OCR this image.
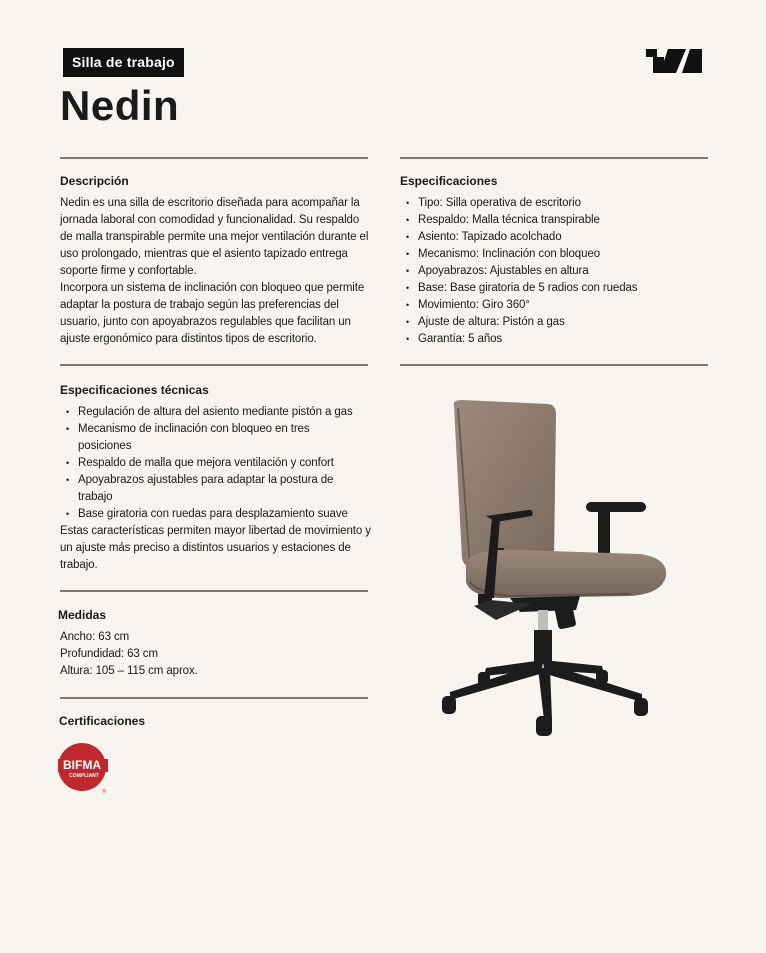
Silla de trabajo
Nedin
Descripción

Nedin es una silla de escritorio diseñada para acompañar la jornada laboral con comodidad y funcionalidad. Su respaldo de malla transpirable permite una mejor ventilación durante el uso prolongado, mientras que el asiento tapizado entrega soporte firme y confortable.

Incorpora un sistema de inclinación con bloqueo que permite adaptar la postura de trabajo según las preferencias del usuario, junto con apoyabrazos regulables que facilitan un ajuste ergonómico para distintos tipos de escritorio.

Especificaciones
• Tipo: Silla operativa de escritorio
• Respaldo: Malla técnica transpirable
• Asiento: Tapizado acolchado
• Mecanismo: Inclinación con bloqueo
• Apoyabrazos: Ajustables en altura
• Base: Base giratoria de 5 radios con ruedas
• Movimiento: Giro 360°
• Ajuste de altura: Pistón a gas
• Garantía: 5 años
Especificaciones técnicas
• Regulación de altura del asiento mediante pistón a gas
• Mecanismo de inclinación con bloqueo en tres posiciones
• Respaldo de malla que mejora ventilación y confort
• Apoyabrazos ajustables para adaptar la postura de trabajo
• Base giratoria con ruedas para desplazamiento suave

Estas características permiten mayor libertad de movimiento y un ajuste más preciso a distintos usuarios y estaciones de trabajo.

Medidas
Ancho: 63 cm
Profundidad: 63 cm
Altura: 105 – 115 cm aprox.
Certificaciones
BIFMA
COMPLIANT
®
